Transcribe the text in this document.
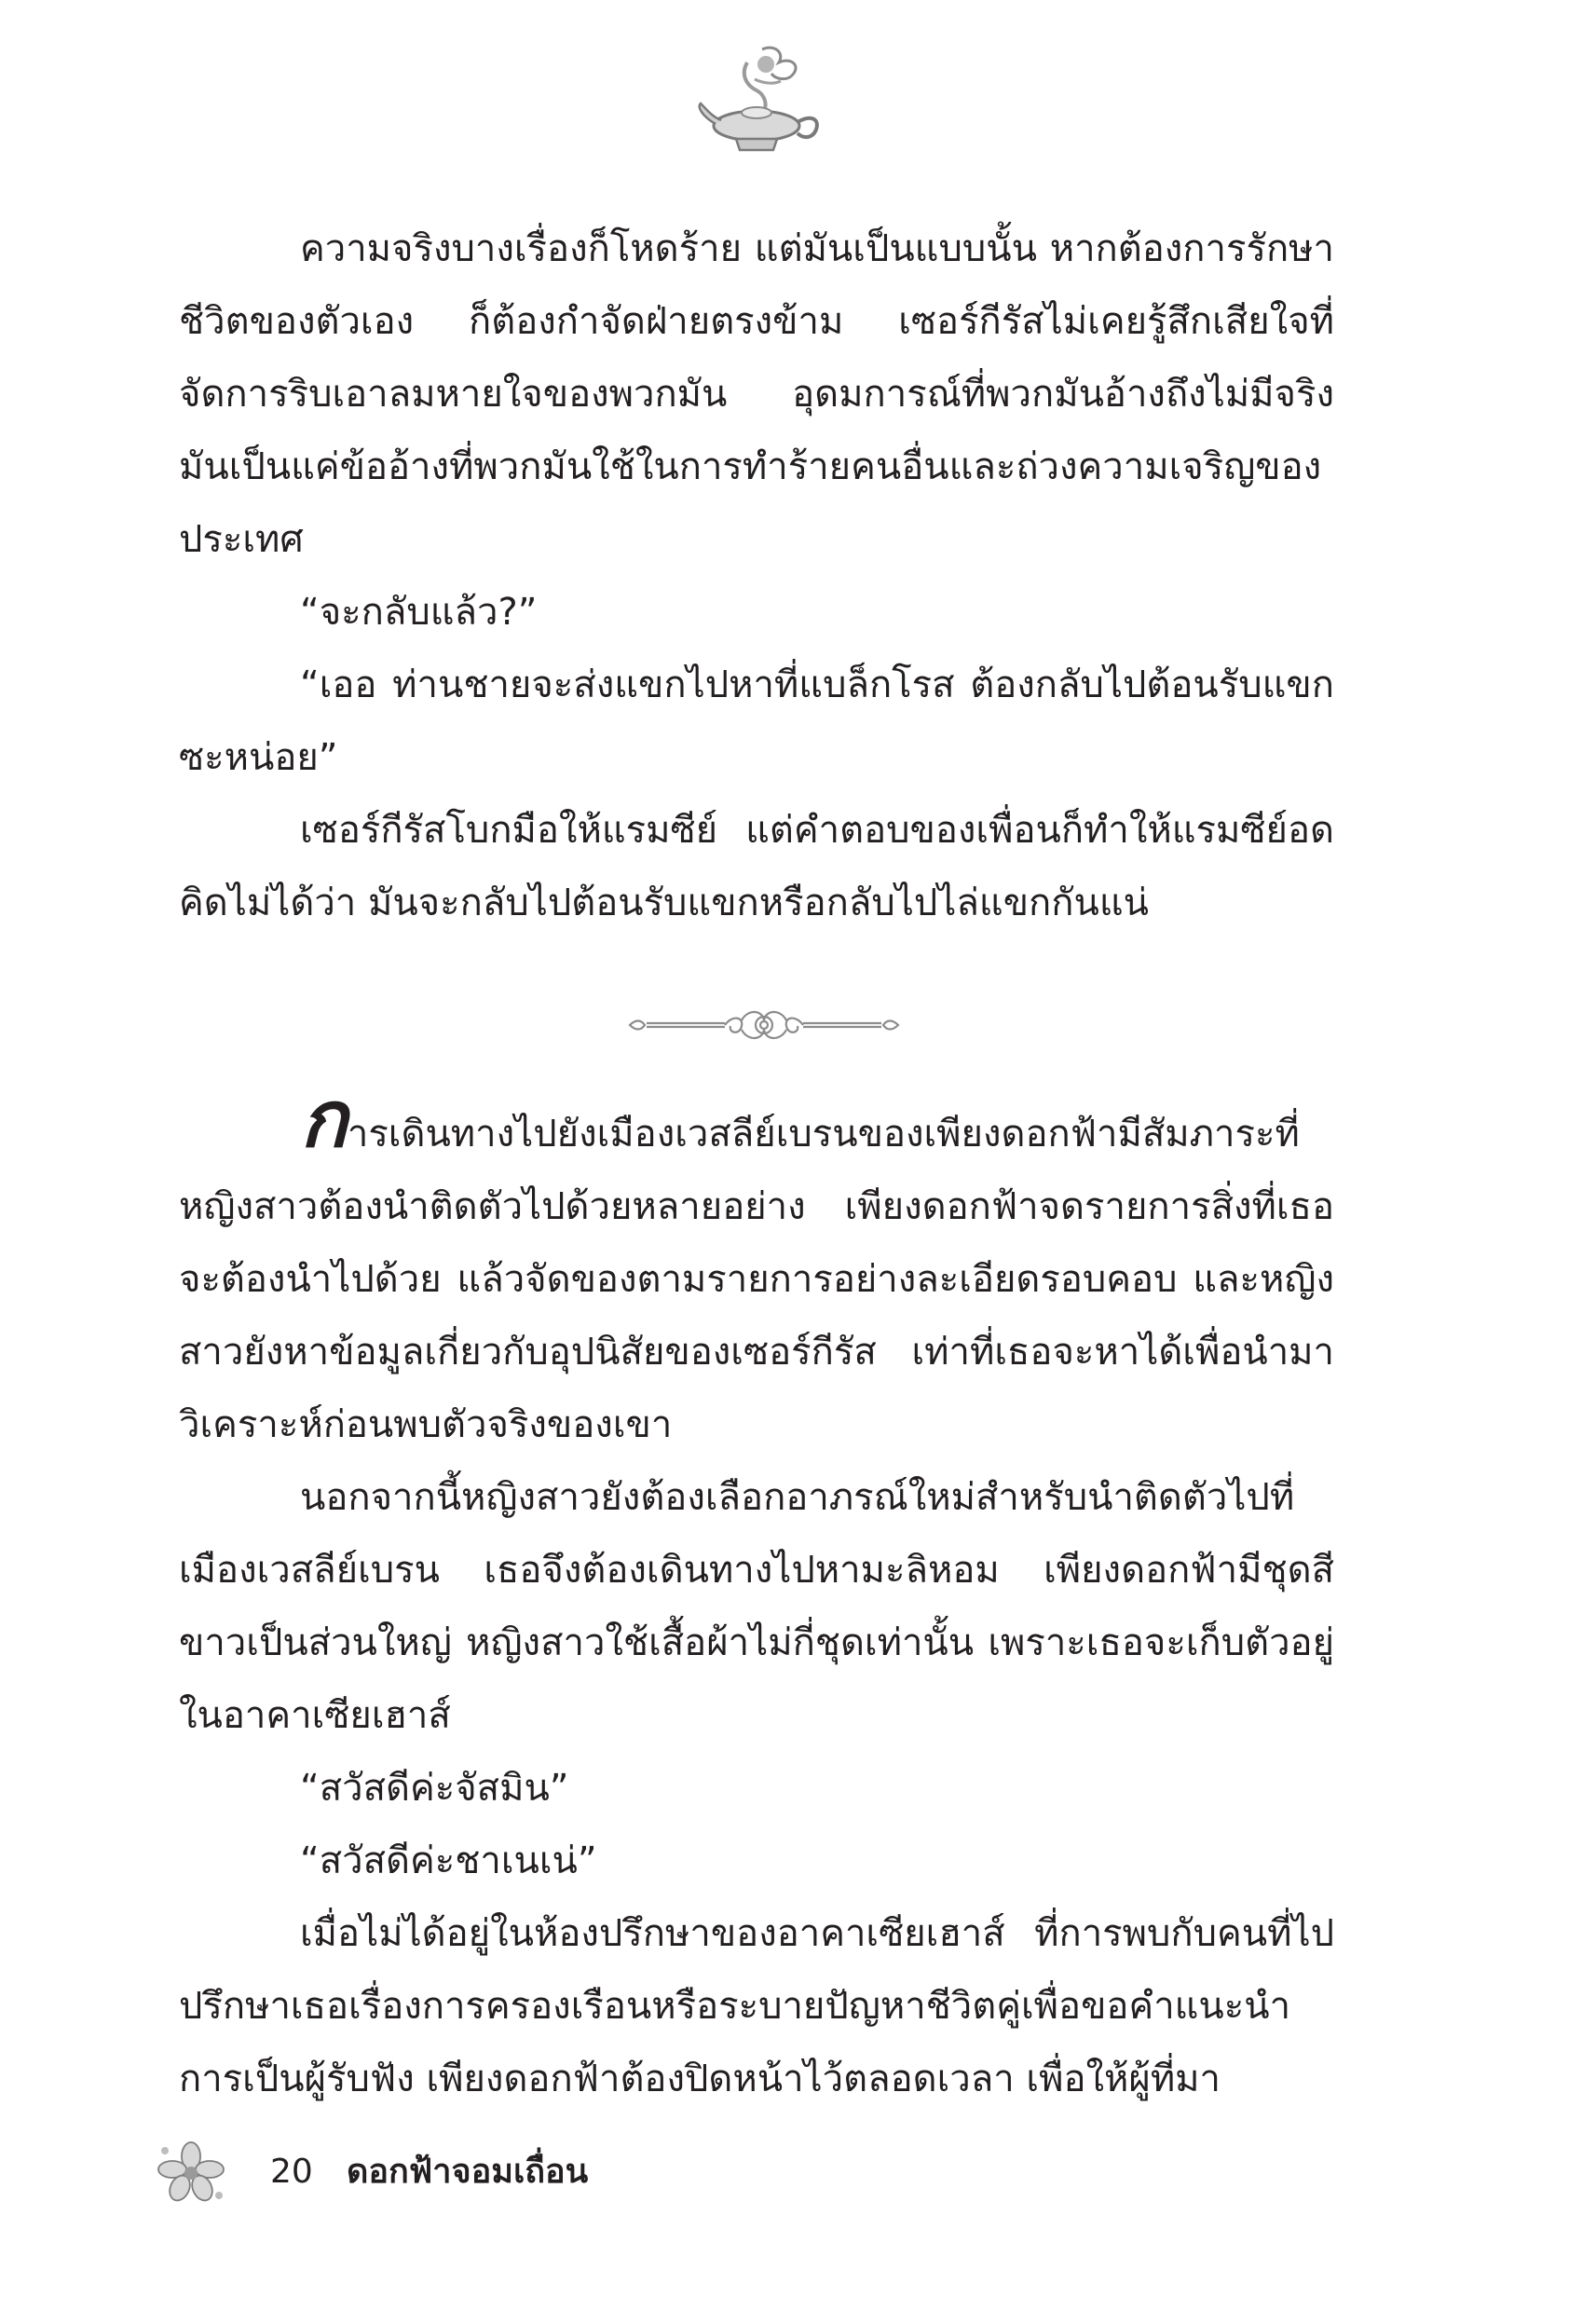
ความจริงบางเรื่องก็โหดร้าย แต่มันเป็นแบบนั้น หากต้องการรักษาชีวิตของตัวเอง ก็ต้องกำจัดฝ่ายตรงข้าม เซอร์กีรัสไม่เคยรู้สึกเสียใจที่จัดการริบเอาลมหายใจของพวกมัน อุดมการณ์ที่พวกมันอ้างถึงไม่มีจริง มันเป็นแค่ข้ออ้างที่พวกมันใช้ในการทำร้ายคนอื่นและถ่วงความเจริญของประเทศ

“จะกลับแล้ว?”

“เออ ท่านชายจะส่งแขกไปหาที่แบล็กโรส ต้องกลับไปต้อนรับแขกซะหน่อย”

เซอร์กีรัสโบกมือให้แรมซีย์ แต่คำตอบของเพื่อนก็ทำให้แรมซีย์อดคิดไม่ได้ว่า มันจะกลับไปต้อนรับแขกหรือกลับไปไล่แขกกันแน่

การเดินทางไปยังเมืองเวสลีย์เบรนของเพียงดอกฟ้ามีสัมภาระที่หญิงสาวต้องนำติดตัวไปด้วยหลายอย่าง เพียงดอกฟ้าจดรายการสิ่งที่เธอจะต้องนำไปด้วย แล้วจัดของตามรายการอย่างละเอียดรอบคอบ และหญิงสาวยังหาข้อมูลเกี่ยวกับอุปนิสัยของเซอร์กีรัส เท่าที่เธอจะหาได้เพื่อนำมาวิเคราะห์ก่อนพบตัวจริงของเขา

นอกจากนี้หญิงสาวยังต้องเลือกอาภรณ์ใหม่สำหรับนำติดตัวไปที่เมืองเวสลีย์เบรน เธอจึงต้องเดินทางไปหามะลิหอม เพียงดอกฟ้ามีชุดสีขาวเป็นส่วนใหญ่ หญิงสาวใช้เสื้อผ้าไม่กี่ชุดเท่านั้น เพราะเธอจะเก็บตัวอยู่ในอาคาเซียเฮาส์

“สวัสดีค่ะจัสมิน”

“สวัสดีค่ะชาเนเน่”

เมื่อไม่ได้อยู่ในห้องปรึกษาของอาคาเซียเฮาส์ ที่การพบกับคนที่ไปปรึกษาเธอเรื่องการครองเรือนหรือระบายปัญหาชีวิตคู่เพื่อขอคำแนะนำการเป็นผู้รับฟัง เพียงดอกฟ้าต้องปิดหน้าไว้ตลอดเวลา เพื่อให้ผู้ที่มา

20 ดอกฟ้าจอมเถื่อน
